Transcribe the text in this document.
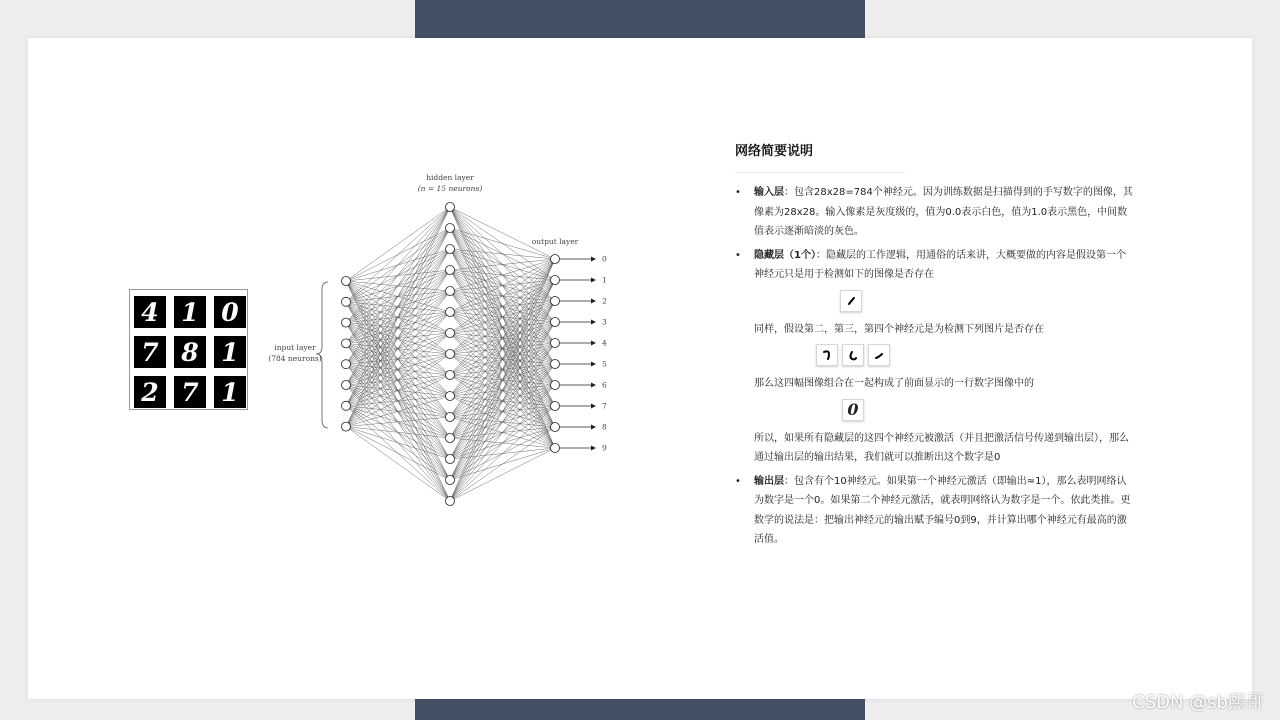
0
1
2
3
4
5
6
7
8
9
hidden layer
(n = 15 neurons)
input layer
(784 neurons)
output layer
4 1 0
7 8 1
2 7 1
网络简要说明

• 输入层：包含28x28=784个神经元。因为训练数据是扫描得到的手写数字的图像，其像素为28x28。输入像素是灰度级的，值为0.0表示白色，值为1.0表示黑色，中间数值表示逐渐暗淡的灰色。

• 隐藏层（1个）：隐藏层的工作逻辑，用通俗的话来讲，大概要做的内容是假设第一个神经元只是用于检测如下的图像是否存在

同样，假设第二，第三，第四个神经元是为检测下列图片是否存在

那么这四幅图像组合在一起构成了前面显示的一行数字图像中的

0

所以，如果所有隐藏层的这四个神经元被激活（并且把激活信号传递到输出层），那么通过输出层的输出结果，我们就可以推断出这个数字是0

• 输出层：包含有个10神经元。如果第一个神经元激活（即输出≈1），那么表明网络认为数字是一个0。如果第二个神经元激活，就表明网络认为数字是一个。依此类推。更数学的说法是：把输出神经元的输出赋予编号0到9，并计算出哪个神经元有最高的激活值。

CSDN @sb熙哥
